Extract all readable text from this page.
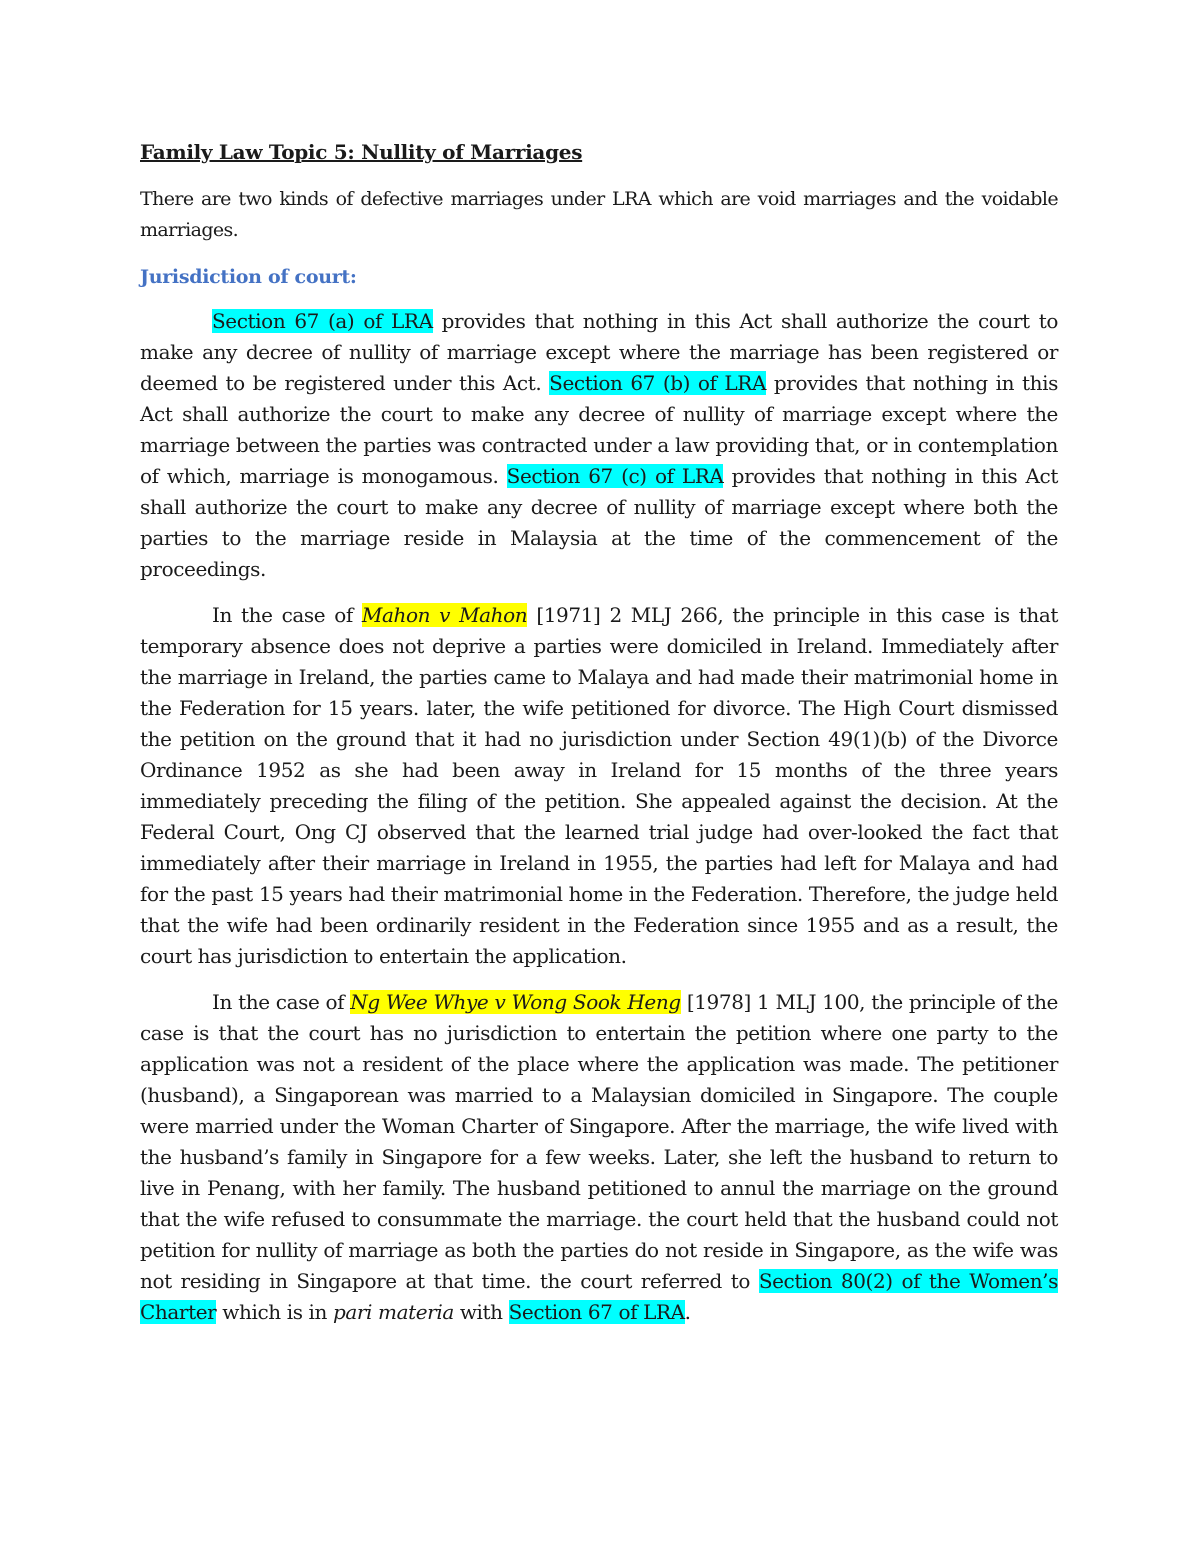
Family Law Topic 5: Nullity of Marriages

There are two kinds of defective marriages under LRA which are void marriages and the voidable marriages.

Jurisdiction of court:

Section 67 (a) of LRA provides that nothing in this Act shall authorize the court to make any decree of nullity of marriage except where the marriage has been registered or deemed to be registered under this Act. Section 67 (b) of LRA provides that nothing in this Act shall authorize the court to make any decree of nullity of marriage except where the marriage between the parties was contracted under a law providing that, or in contemplation of which, marriage is monogamous. Section 67 (c) of LRA provides that nothing in this Act shall authorize the court to make any decree of nullity of marriage except where both the parties to the marriage reside in Malaysia at the time of the commencement of the proceedings.

In the case of Mahon v Mahon [1971] 2 MLJ 266, the principle in this case is that temporary absence does not deprive a parties were domiciled in Ireland. Immediately after the marriage in Ireland, the parties came to Malaya and had made their matrimonial home in the Federation for 15 years. later, the wife petitioned for divorce. The High Court dismissed the petition on the ground that it had no jurisdiction under Section 49(1)(b) of the Divorce Ordinance 1952 as she had been away in Ireland for 15 months of the three years immediately preceding the filing of the petition. She appealed against the decision. At the Federal Court, Ong CJ observed that the learned trial judge had over-looked the fact that immediately after their marriage in Ireland in 1955, the parties had left for Malaya and had for the past 15 years had their matrimonial home in the Federation. Therefore, the judge held that the wife had been ordinarily resident in the Federation since 1955 and as a result, the court has jurisdiction to entertain the application.

In the case of Ng Wee Whye v Wong Sook Heng [1978] 1 MLJ 100, the principle of the case is that the court has no jurisdiction to entertain the petition where one party to the application was not a resident of the place where the application was made. The petitioner (husband), a Singaporean was married to a Malaysian domiciled in Singapore. The couple were married under the Woman Charter of Singapore. After the marriage, the wife lived with the husband’s family in Singapore for a few weeks. Later, she left the husband to return to live in Penang, with her family. The husband petitioned to annul the marriage on the ground that the wife refused to consummate the marriage. the court held that the husband could not petition for nullity of marriage as both the parties do not reside in Singapore, as the wife was not residing in Singapore at that time. the court referred to Section 80(2) of the Women’s Charter which is in pari materia with Section 67 of LRA.
